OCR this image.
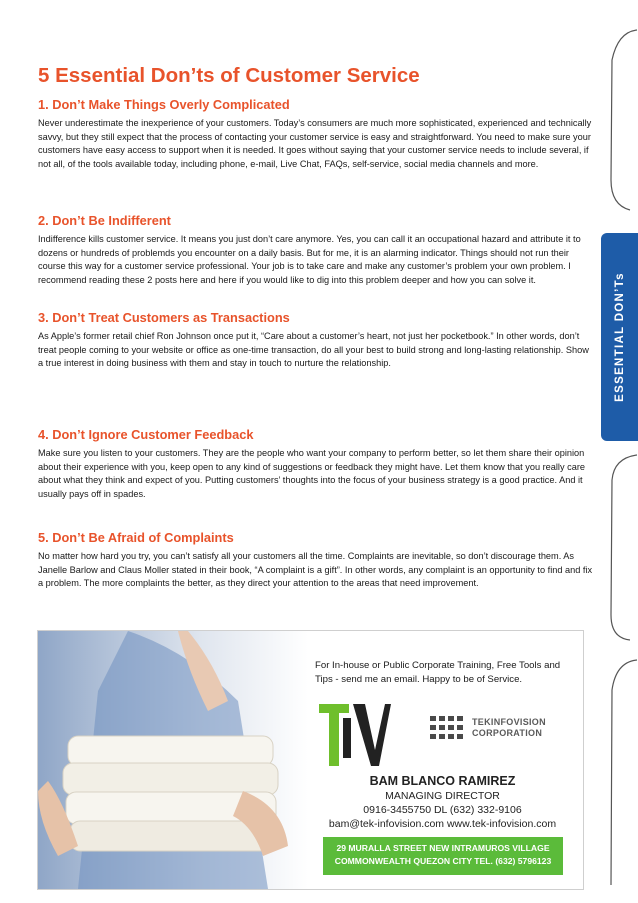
ESSENTIAL DON’Ts
5 Essential Don’ts of Customer Service
1. Don’t Make Things Overly Complicated

Never underestimate the inexperience of your customers. Today’s consumers are much more sophisticated, experienced and technically savvy, but they still expect that the process of contacting your customer service is easy and straightforward. You need to make sure your customers have easy access to support when it is needed. It goes without saying that your customer service needs to include several, if not all, of the tools available today, including phone, e-mail, Live Chat, FAQs, self-service, social media channels and more.

2. Don’t Be Indifferent

Indifference kills customer service. It means you just don’t care anymore. Yes, you can call it an occupational hazard and attribute it to dozens or hundreds of problemds you encounter on a daily basis. But for me, it is an alarming indicator. Things should not run their course this way for a customer service professional. Your job is to take care and make any customer’s problem your own problem. I recommend reading these 2 posts here and here if you would like to dig into this problem deeper and how you can solve it.

3. Don’t Treat Customers as Transactions

As Apple’s former retail chief Ron Johnson once put it, “Care about a customer’s heart, not just her pocketbook.” In other words, don’t treat people coming to your website or office as one-time transaction, do all your best to build strong and long-lasting relationship. Show a true interest in doing business with them and stay in touch to nurture the relationship.

4. Don’t Ignore Customer Feedback

Make sure you listen to your customers. They are the people who want your company to perform better, so let them share their opinion about their experience with you, keep open to any kind of suggestions or feedback they might have. Let them know that you really care about what they think and expect of you. Putting customers’ thoughts into the focus of your business strategy is a good practice. And it usually pays off in spades.

5. Don’t Be Afraid of Complaints

No matter how hard you try, you can’t satisfy all your customers all the time. Complaints are inevitable, so don’t discourage them. As Janelle Barlow and Claus Moller stated in their book, “A complaint is a gift”. In other words, any complaint is an opportunity to find and fix a problem. The more complaints the better, as they direct your attention to the areas that need improvement.

For In-house or Public Corporate Training, Free Tools and Tips - send me an email. Happy to be of Service.
TEKINFOVISION
CORPORATION
BAM BLANCO RAMIREZ
MANAGING DIRECTOR
0916-3455750 DL (632) 332-9106
bam@tek-infovision.com www.tek-infovision.com
29 MURALLA STREET NEW INTRAMUROS VILLAGE
COMMONWEALTH QUEZON CITY TEL. (632) 5796123
